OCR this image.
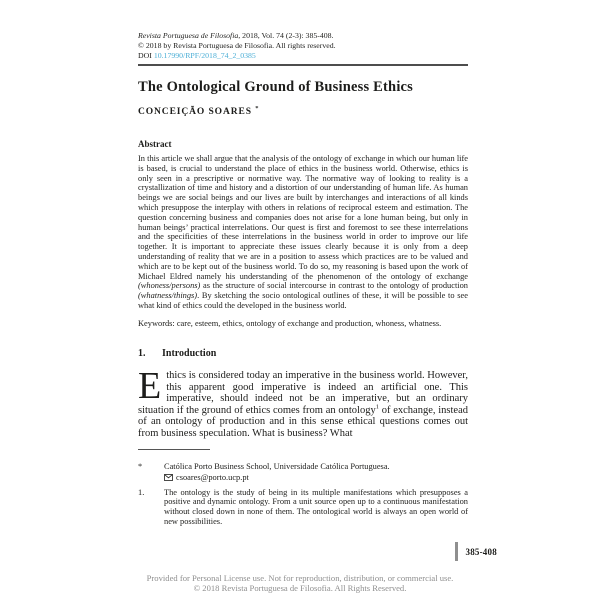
Revista Portuguesa de Filosofia, 2018, Vol. 74 (2-3): 385-408.
© 2018 by Revista Portuguesa de Filosofia. All rights reserved.
DOI 10.17990/RPF/2018_74_2_0385
The Ontological Ground of Business Ethics
CONCEIÇÃO SOARES *
Abstract

In this article we shall argue that the analysis of the ontology of exchange in which our human life is based, is crucial to understand the place of ethics in the business world. Otherwise, ethics is only seen in a prescriptive or normative way. The normative way of looking to reality is a crystallization of time and history and a distortion of our understanding of human life. As human beings we are social beings and our lives are built by interchanges and interactions of all kinds which presuppose the interplay with others in relations of reciprocal esteem and estimation. The question concerning business and companies does not arise for a lone human being, but only in human beings’ practical interrelations. Our quest is first and foremost to see these interrelations and the specificities of these interrelations in the business world in order to improve our life together. It is important to appreciate these issues clearly because it is only from a deep understanding of reality that we are in a position to assess which practices are to be valued and which are to be kept out of the business world. To do so, my reasoning is based upon the work of Michael Eldred namely his understanding of the phenomenon of the ontology of exchange (whoness/persons) as the structure of social intercourse in contrast to the ontology of production (whatness/things). By sketching the socio ontological outlines of these, it will be possible to see what kind of ethics could the developed in the business world.

Keywords: care, esteem, ethics, ontology of exchange and production, whoness, whatness.

1. Introduction

Ethics is considered today an imperative in the business world. However, this apparent good imperative is indeed an artificial one. This imperative, should indeed not be an imperative, but an ordinary situation if the ground of ethics comes from an ontology$^1$ of exchange, instead of an ontology of production and in this sense ethical questions comes out from business speculation. What is business? What

*	Católica Porto Business School, Universidade Católica Portuguesa.
csoares@porto.ucp.pt
1.	The ontology is the study of being in its multiple manifestations which presupposes a positive and dynamic ontology. From a unit source open up to a continuous manifestation without closed down in none of them. The ontological world is always an open world of new possibilities.
385-408
Provided for Personal License use. Not for reproduction, distribution, or commercial use.
© 2018 Revista Portuguesa de Filosofia. All Rights Reserved.
